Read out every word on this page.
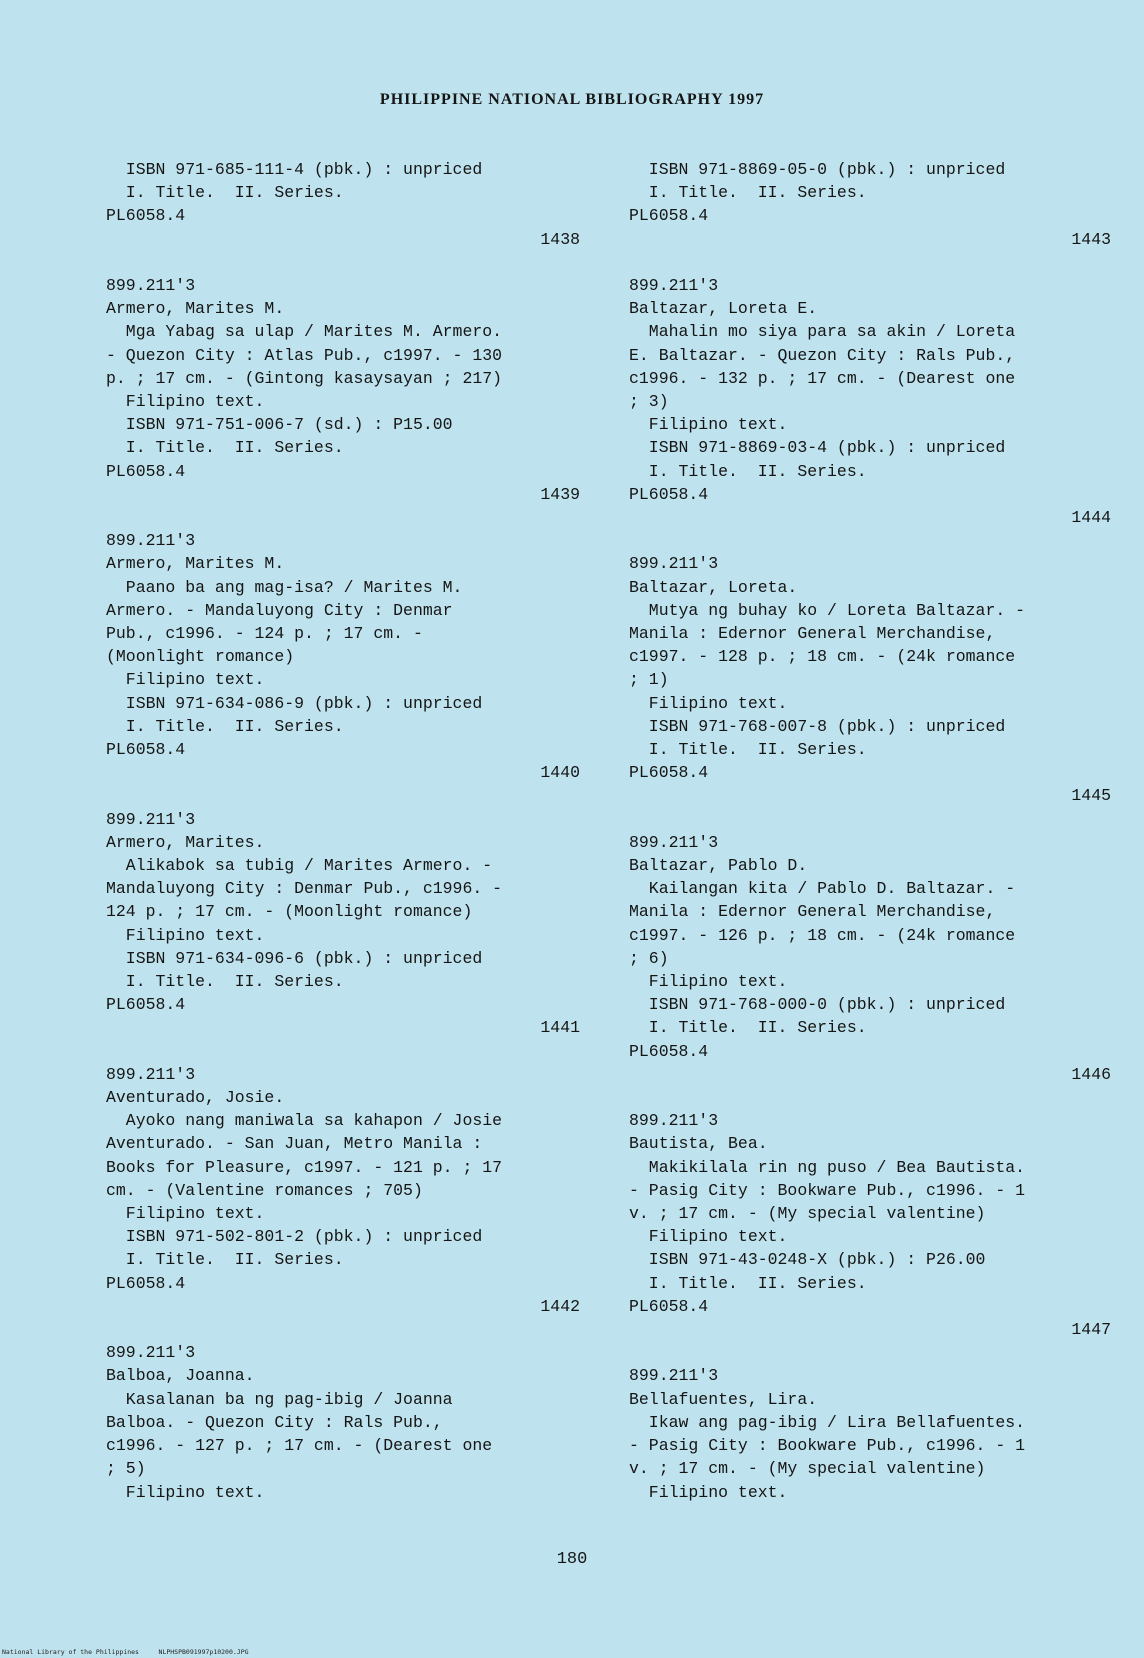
PHILIPPINE NATIONAL BIBLIOGRAPHY 1997
ISBN 971-685-111-4 (pbk.) : unpriced
I. Title.  II. Series.
PL6058.4
1438
899.211'3
Armero, Marites M.
Mga Yabag sa ulap / Marites M. Armero.
- Quezon City : Atlas Pub., c1997. - 130
p. ; 17 cm. - (Gintong kasaysayan ; 217)
Filipino text.
ISBN 971-751-006-7 (sd.) : P15.00
I. Title.  II. Series.
PL6058.4
1439
899.211'3
Armero, Marites M.
Paano ba ang mag-isa? / Marites M.
Armero. - Mandaluyong City : Denmar
Pub., c1996. - 124 p. ; 17 cm. -
(Moonlight romance)
Filipino text.
ISBN 971-634-086-9 (pbk.) : unpriced
I. Title.  II. Series.
PL6058.4
1440
899.211'3
Armero, Marites.
Alikabok sa tubig / Marites Armero. -
Mandaluyong City : Denmar Pub., c1996. -
124 p. ; 17 cm. - (Moonlight romance)
Filipino text.
ISBN 971-634-096-6 (pbk.) : unpriced
I. Title.  II. Series.
PL6058.4
1441
899.211'3
Aventurado, Josie.
Ayoko nang maniwala sa kahapon / Josie
Aventurado. - San Juan, Metro Manila :
Books for Pleasure, c1997. - 121 p. ; 17
cm. - (Valentine romances ; 705)
Filipino text.
ISBN 971-502-801-2 (pbk.) : unpriced
I. Title.  II. Series.
PL6058.4
1442
899.211'3
Balboa, Joanna.
Kasalanan ba ng pag-ibig / Joanna
Balboa. - Quezon City : Rals Pub.,
c1996. - 127 p. ; 17 cm. - (Dearest one
; 5)
Filipino text.
ISBN 971-8869-05-0 (pbk.) : unpriced
I. Title.  II. Series.
PL6058.4
1443
899.211'3
Baltazar, Loreta E.
Mahalin mo siya para sa akin / Loreta
E. Baltazar. - Quezon City : Rals Pub.,
c1996. - 132 p. ; 17 cm. - (Dearest one
; 3)
Filipino text.
ISBN 971-8869-03-4 (pbk.) : unpriced
I. Title.  II. Series.
PL6058.4
1444
899.211'3
Baltazar, Loreta.
Mutya ng buhay ko / Loreta Baltazar. -
Manila : Edernor General Merchandise,
c1997. - 128 p. ; 18 cm. - (24k romance
; 1)
Filipino text.
ISBN 971-768-007-8 (pbk.) : unpriced
I. Title.  II. Series.
PL6058.4
1445
899.211'3
Baltazar, Pablo D.
Kailangan kita / Pablo D. Baltazar. -
Manila : Edernor General Merchandise,
c1997. - 126 p. ; 18 cm. - (24k romance
; 6)
Filipino text.
ISBN 971-768-000-0 (pbk.) : unpriced
I. Title.  II. Series.
PL6058.4
1446
899.211'3
Bautista, Bea.
Makikilala rin ng puso / Bea Bautista.
- Pasig City : Bookware Pub., c1996. - 1
v. ; 17 cm. - (My special valentine)
Filipino text.
ISBN 971-43-0248-X (pbk.) : P26.00
I. Title.  II. Series.
PL6058.4
1447
899.211'3
Bellafuentes, Lira.
Ikaw ang pag-ibig / Lira Bellafuentes.
- Pasig City : Bookware Pub., c1996. - 1
v. ; 17 cm. - (My special valentine)
Filipino text.
180
National Library of the Philippines     NLPHSPB091997p10200.JPG
